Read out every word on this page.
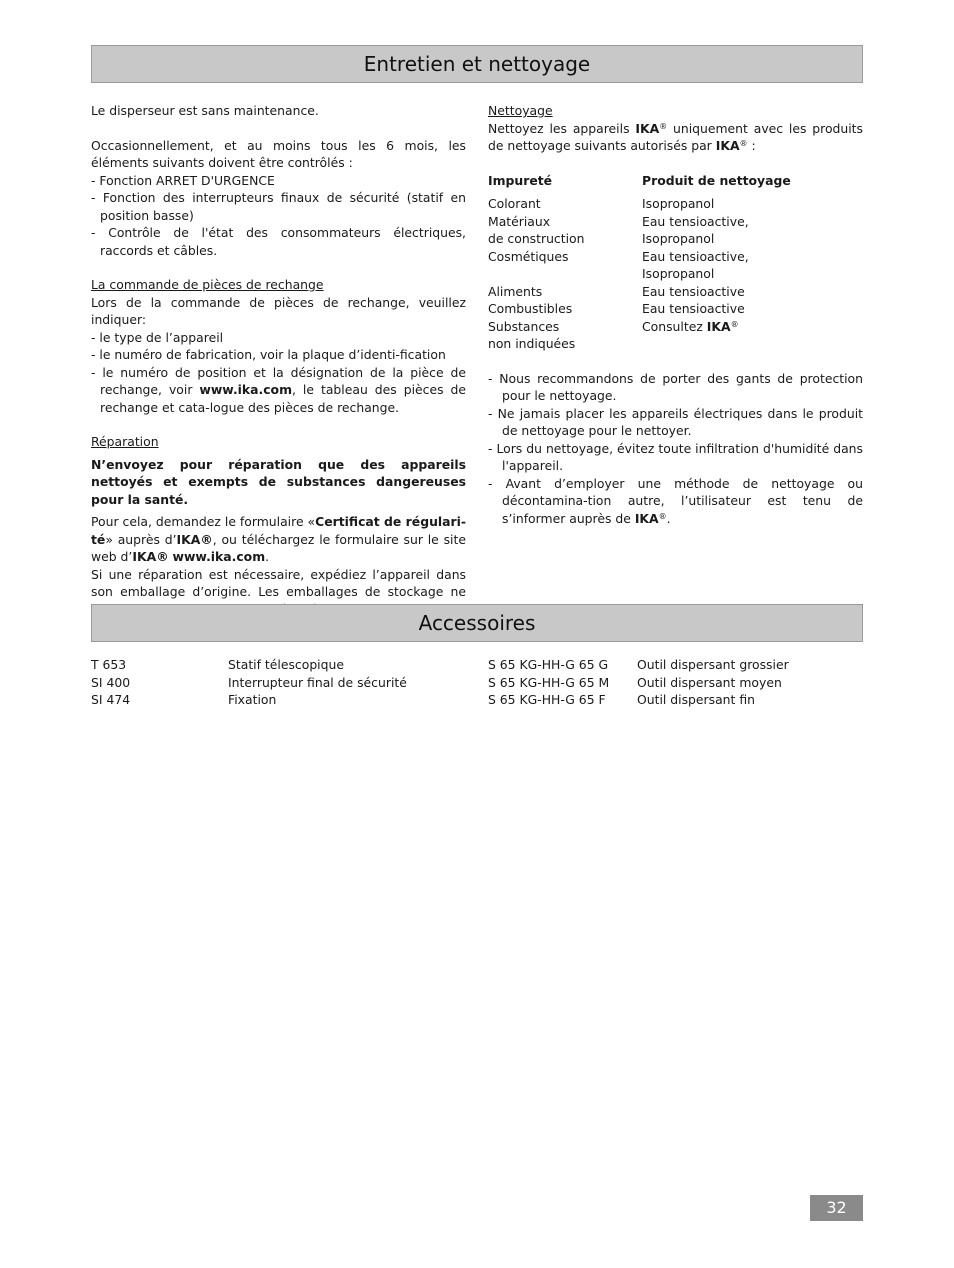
Entretien et nettoyage

Le disperseur est sans maintenance.

Occasionnellement, et au moins tous les 6 mois, les éléments suivants doivent être contrôlés :

- Fonction ARRET D'URGENCE
- Fonction des interrupteurs finaux de sécurité (statif en position basse)
- Contrôle de l'état des consommateurs électriques, raccords et câbles.

La commande de pièces de rechange

Lors de la commande de pièces de rechange, veuillez indiquer:

- le type de l’appareil
- le numéro de fabrication, voir la plaque d’identi-fication
- le numéro de position et la désignation de la pièce de rechange, voir www.ika.com, le tableau des pièces de rechange et cata-logue des pièces de rechange.

Réparation

N’envoyez pour réparation que des appareils nettoyés et exempts de substances dangereuses pour la santé.

Pour cela, demandez le formulaire «Certificat de régulari-té» auprès d’IKA®, ou téléchargez le formulaire sur le site web d’IKA® www.ika.com.

Si une réparation est nécessaire, expédiez l’appareil dans son emballage d’origine. Les emballages de stockage ne

Nettoyage

Nettoyez les appareils IKA® uniquement avec les produits de nettoyage suivants autorisés par IKA® :

Impureté	Produit de nettoyage

Colorant	Isopropanol
Matériaux	Eau tensioactive,
de construction	Isopropanol
Cosmétiques	Eau tensioactive,
	Isopropanol
Aliments	Eau tensioactive
Combustibles	Eau tensioactive
Substances	Consultez IKA®
non indiquées	
- Nous recommandons de porter des gants de protection pour le nettoyage.
- Ne jamais placer les appareils électriques dans le produit de nettoyage pour le nettoyer.
- Lors du nettoyage, évitez toute infiltration d'humidité dans l'appareil.
- Avant d’employer une méthode de nettoyage ou décontamina-tion autre, l’utilisateur est tenu de s’informer auprès de IKA®.
Accessoires
T 653	Statif télescopique
SI 400	Interrupteur final de sécurité
SI 474	Fixation
S 65 KG-HH-G 65 G	Outil dispersant grossier
S 65 KG-HH-G 65 M	Outil dispersant moyen
S 65 KG-HH-G 65 F	Outil dispersant fin
32
